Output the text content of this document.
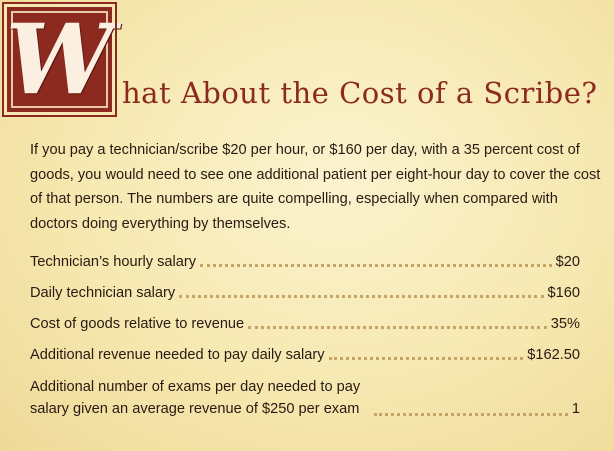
W hat About the Cost of a Scribe?

If you pay a technician/scribe $20 per hour, or $160 per day, with a 35 percent cost of goods, you would need to see one additional patient per eight-hour day to cover the cost of that person. The numbers are quite compelling, especially when compared with doctors doing everything by themselves.

Technician’s hourly salary	$20
Daily technician salary	$160
Cost of goods relative to revenue	35%
Additional revenue needed to pay daily salary	$162.50
Additional number of exams per day needed to pay salary given an average revenue of $250 per exam	1
